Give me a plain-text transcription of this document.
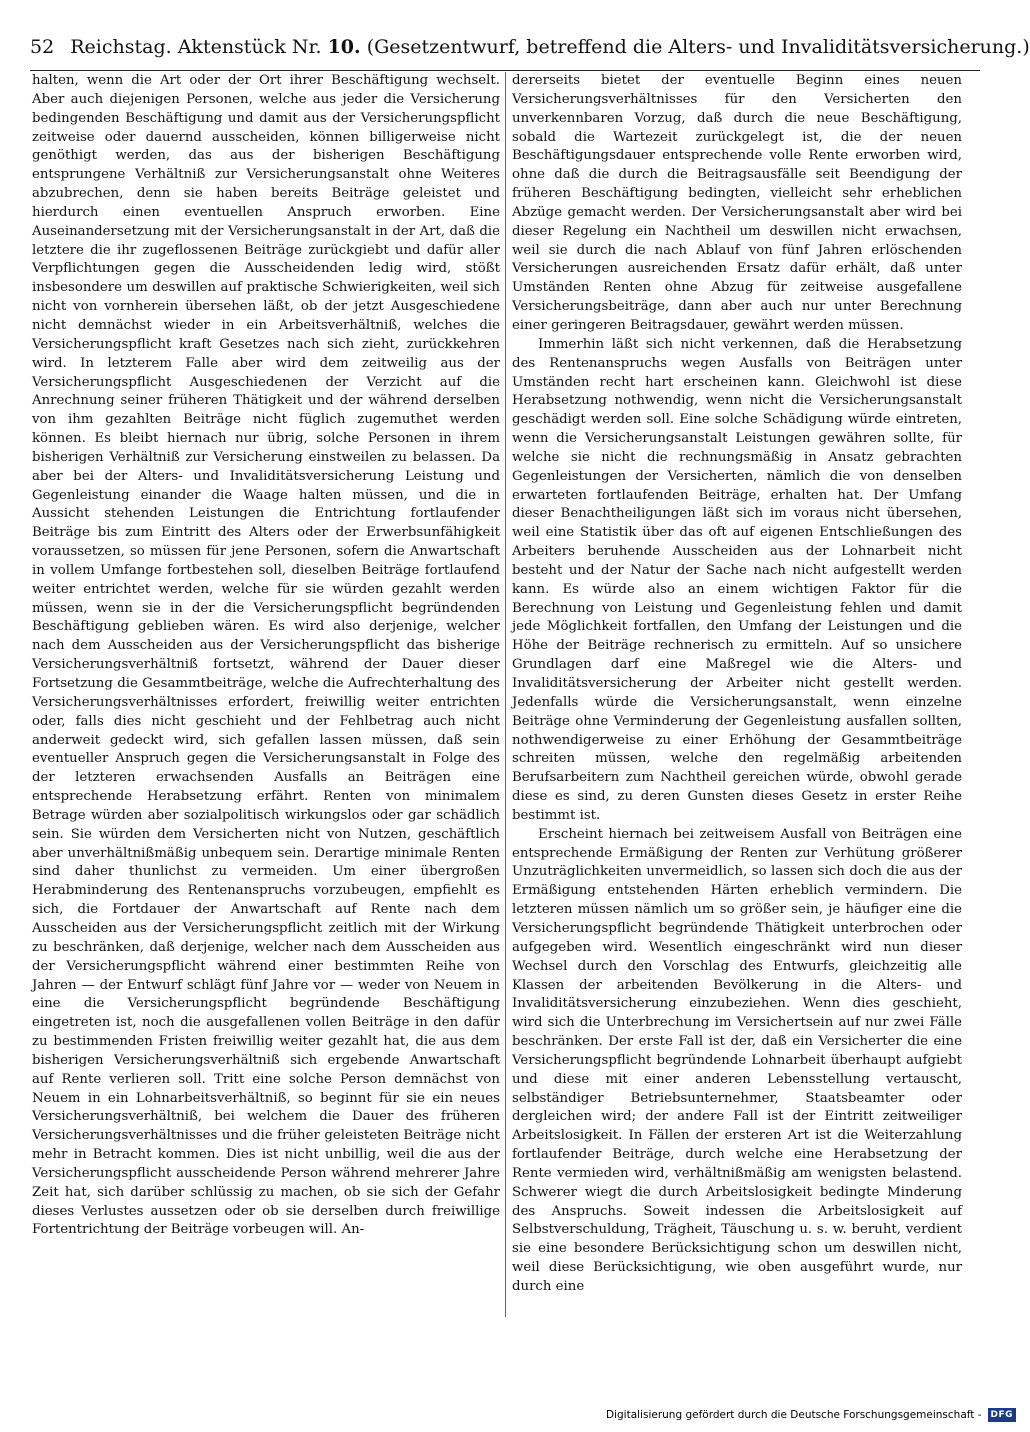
52 Reichstag. Aktenstück Nr. 10. (Gesetzentwurf, betreffend die Alters- und Invaliditätsversicherung.)

halten, wenn die Art oder der Ort ihrer Beschäftigung wechselt. Aber auch diejenigen Personen, welche aus jeder die Versicherung bedingenden Beschäftigung und damit aus der Versicherungspflicht zeitweise oder dauernd ausscheiden, können billigerweise nicht genöthigt werden, das aus der bisherigen Beschäftigung entsprungene Verhältniß zur Versicherungsanstalt ohne Weiteres abzubrechen, denn sie haben bereits Beiträge geleistet und hierdurch einen eventuellen Anspruch erworben. Eine Auseinandersetzung mit der Versicherungsanstalt in der Art, daß die letztere die ihr zugeflossenen Beiträge zurückgiebt und dafür aller Verpflichtungen gegen die Ausscheidenden ledig wird, stößt insbesondere um deswillen auf praktische Schwierigkeiten, weil sich nicht von vornherein übersehen läßt, ob der jetzt Ausgeschiedene nicht demnächst wieder in ein Arbeitsverhältniß, welches die Versicherungspflicht kraft Gesetzes nach sich zieht, zurückkehren wird. In letzterem Falle aber wird dem zeitweilig aus der Versicherungspflicht Ausgeschiedenen der Verzicht auf die Anrechnung seiner früheren Thätigkeit und der während derselben von ihm gezahlten Beiträge nicht füglich zugemuthet werden können. Es bleibt hiernach nur übrig, solche Personen in ihrem bisherigen Verhältniß zur Versicherung einstweilen zu belassen. Da aber bei der Alters- und Invaliditätsversicherung Leistung und Gegenleistung einander die Waage halten müssen, und die in Aussicht stehenden Leistungen die Entrichtung fortlaufender Beiträge bis zum Eintritt des Alters oder der Erwerbsunfähigkeit voraussetzen, so müssen für jene Personen, sofern die Anwartschaft in vollem Umfange fortbestehen soll, dieselben Beiträge fortlaufend weiter entrichtet werden, welche für sie würden gezahlt werden müssen, wenn sie in der die Versicherungspflicht begründenden Beschäftigung geblieben wären. Es wird also derjenige, welcher nach dem Ausscheiden aus der Versicherungspflicht das bisherige Versicherungsverhältniß fortsetzt, während der Dauer dieser Fortsetzung die Gesammtbeiträge, welche die Aufrechterhaltung des Versicherungsverhältnisses erfordert, freiwillig weiter entrichten oder, falls dies nicht geschieht und der Fehlbetrag auch nicht anderweit gedeckt wird, sich gefallen lassen müssen, daß sein eventueller Anspruch gegen die Versicherungsanstalt in Folge des der letzteren erwachsenden Ausfalls an Beiträgen eine entsprechende Herabsetzung erfährt. Renten von minimalem Betrage würden aber sozialpolitisch wirkungslos oder gar schädlich sein. Sie würden dem Versicherten nicht von Nutzen, geschäftlich aber unverhältnißmäßig unbequem sein. Derartige minimale Renten sind daher thunlichst zu vermeiden. Um einer übergroßen Herabminderung des Rentenanspruchs vorzubeugen, empfiehlt es sich, die Fortdauer der Anwartschaft auf Rente nach dem Ausscheiden aus der Versicherungspflicht zeitlich mit der Wirkung zu beschränken, daß derjenige, welcher nach dem Ausscheiden aus der Versicherungspflicht während einer bestimmten Reihe von Jahren — der Entwurf schlägt fünf Jahre vor — weder von Neuem in eine die Versicherungspflicht begründende Beschäftigung eingetreten ist, noch die ausgefallenen vollen Beiträge in den dafür zu bestimmenden Fristen freiwillig weiter gezahlt hat, die aus dem bisherigen Versicherungsverhältniß sich ergebende Anwartschaft auf Rente verlieren soll. Tritt eine solche Person demnächst von Neuem in ein Lohnarbeitsverhältniß, so beginnt für sie ein neues Versicherungsverhältniß, bei welchem die Dauer des früheren Versicherungsverhältnisses und die früher geleisteten Beiträge nicht mehr in Betracht kommen. Dies ist nicht unbillig, weil die aus der Versicherungspflicht ausscheidende Person während mehrerer Jahre Zeit hat, sich darüber schlüssig zu machen, ob sie sich der Gefahr dieses Verlustes aussetzen oder ob sie derselben durch freiwillige Fortentrichtung der Beiträge vorbeugen will. An-

dererseits bietet der eventuelle Beginn eines neuen Versicherungsverhältnisses für den Versicherten den unverkennbaren Vorzug, daß durch die neue Beschäftigung, sobald die Wartezeit zurückgelegt ist, die der neuen Beschäftigungsdauer entsprechende volle Rente erworben wird, ohne daß die durch die Beitragsausfälle seit Beendigung der früheren Beschäftigung bedingten, vielleicht sehr erheblichen Abzüge gemacht werden. Der Versicherungsanstalt aber wird bei dieser Regelung ein Nachtheil um deswillen nicht erwachsen, weil sie durch die nach Ablauf von fünf Jahren erlöschenden Versicherungen ausreichenden Ersatz dafür erhält, daß unter Umständen Renten ohne Abzug für zeitweise ausgefallene Versicherungsbeiträge, dann aber auch nur unter Berechnung einer geringeren Beitragsdauer, gewährt werden müssen.

Immerhin läßt sich nicht verkennen, daß die Herabsetzung des Rentenanspruchs wegen Ausfalls von Beiträgen unter Umständen recht hart erscheinen kann. Gleichwohl ist diese Herabsetzung nothwendig, wenn nicht die Versicherungsanstalt geschädigt werden soll. Eine solche Schädigung würde eintreten, wenn die Versicherungsanstalt Leistungen gewähren sollte, für welche sie nicht die rechnungsmäßig in Ansatz gebrachten Gegenleistungen der Versicherten, nämlich die von denselben erwarteten fortlaufenden Beiträge, erhalten hat. Der Umfang dieser Benachtheiligungen läßt sich im voraus nicht übersehen, weil eine Statistik über das oft auf eigenen Entschließungen des Arbeiters beruhende Ausscheiden aus der Lohnarbeit nicht besteht und der Natur der Sache nach nicht aufgestellt werden kann. Es würde also an einem wichtigen Faktor für die Berechnung von Leistung und Gegenleistung fehlen und damit jede Möglichkeit fortfallen, den Umfang der Leistungen und die Höhe der Beiträge rechnerisch zu ermitteln. Auf so unsichere Grundlagen darf eine Maßregel wie die Alters- und Invaliditätsversicherung der Arbeiter nicht gestellt werden. Jedenfalls würde die Versicherungsanstalt, wenn einzelne Beiträge ohne Verminderung der Gegenleistung ausfallen sollten, nothwendigerweise zu einer Erhöhung der Gesammtbeiträge schreiten müssen, welche den regelmäßig arbeitenden Berufsarbeitern zum Nachtheil gereichen würde, obwohl gerade diese es sind, zu deren Gunsten dieses Gesetz in erster Reihe bestimmt ist.

Erscheint hiernach bei zeitweisem Ausfall von Beiträgen eine entsprechende Ermäßigung der Renten zur Verhütung größerer Unzuträglichkeiten unvermeidlich, so lassen sich doch die aus der Ermäßigung entstehenden Härten erheblich vermindern. Die letzteren müssen nämlich um so größer sein, je häufiger eine die Versicherungspflicht begründende Thätigkeit unterbrochen oder aufgegeben wird. Wesentlich eingeschränkt wird nun dieser Wechsel durch den Vorschlag des Entwurfs, gleichzeitig alle Klassen der arbeitenden Bevölkerung in die Alters- und Invaliditätsversicherung einzubeziehen. Wenn dies geschieht, wird sich die Unterbrechung im Versichertsein auf nur zwei Fälle beschränken. Der erste Fall ist der, daß ein Versicherter die eine Versicherungspflicht begründende Lohnarbeit überhaupt aufgiebt und diese mit einer anderen Lebensstellung vertauscht, selbständiger Betriebsunternehmer, Staatsbeamter oder dergleichen wird; der andere Fall ist der Eintritt zeitweiliger Arbeitslosigkeit. In Fällen der ersteren Art ist die Weiterzahlung fortlaufender Beiträge, durch welche eine Herabsetzung der Rente vermieden wird, verhältnißmäßig am wenigsten belastend. Schwerer wiegt die durch Arbeitslosigkeit bedingte Minderung des Anspruchs. Soweit indessen die Arbeitslosigkeit auf Selbstverschuldung, Trägheit, Täuschung u. s. w. beruht, verdient sie eine besondere Berücksichtigung schon um deswillen nicht, weil diese Berücksichtigung, wie oben ausgeführt wurde, nur durch eine

Digitalisierung gefördert durch die Deutsche Forschungsgemeinschaft -	DFG
